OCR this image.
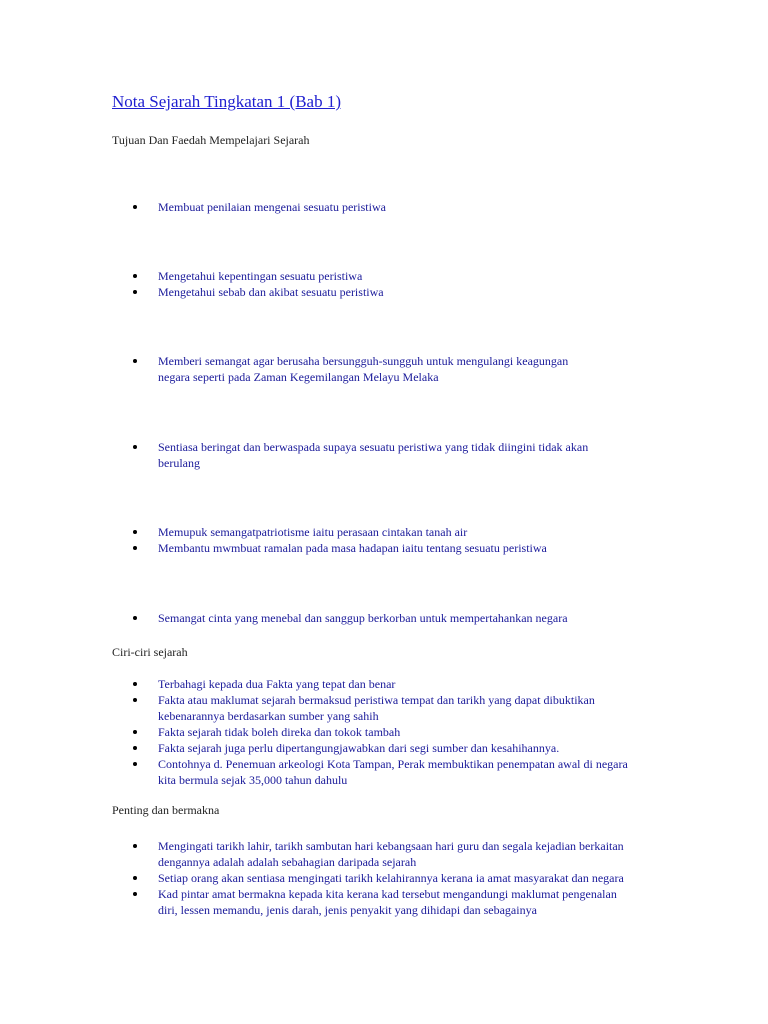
Nota Sejarah Tingkatan 1 (Bab 1)

Tujuan Dan Faedah Mempelajari Sejarah

Membuat penilaian mengenai sesuatu peristiwa
Mengetahui kepentingan sesuatu peristiwa
Mengetahui sebab dan akibat sesuatu peristiwa
Memberi semangat agar berusaha bersungguh-sungguh untuk mengulangi keagungan
negara seperti pada Zaman Kegemilangan Melayu Melaka
Sentiasa beringat dan berwaspada supaya sesuatu peristiwa yang tidak diingini tidak akan
berulang
Memupuk semangatpatriotisme iaitu perasaan cintakan tanah air
Membantu mwmbuat ramalan pada masa hadapan iaitu tentang sesuatu peristiwa
Semangat cinta yang menebal dan sanggup berkorban untuk mempertahankan negara

Ciri-ciri sejarah

Terbahagi kepada dua Fakta yang tepat dan benar
Fakta atau maklumat sejarah bermaksud peristiwa tempat dan tarikh yang dapat dibuktikan
kebenarannya berdasarkan sumber yang sahih
Fakta sejarah tidak boleh direka dan tokok tambah
Fakta sejarah juga perlu dipertangungjawabkan dari segi sumber dan kesahihannya.
Contohnya d. Penemuan arkeologi Kota Tampan, Perak membuktikan penempatan awal di negara
kita bermula sejak 35,000 tahun dahulu

Penting dan bermakna

Mengingati tarikh lahir, tarikh sambutan hari kebangsaan hari guru dan segala kejadian berkaitan
dengannya adalah adalah sebahagian daripada sejarah
Setiap orang akan sentiasa mengingati tarikh kelahirannya kerana ia amat masyarakat dan negara
Kad pintar amat bermakna kepada kita kerana kad tersebut mengandungi maklumat pengenalan
diri, lessen memandu, jenis darah, jenis penyakit yang dihidapi dan sebagainya
